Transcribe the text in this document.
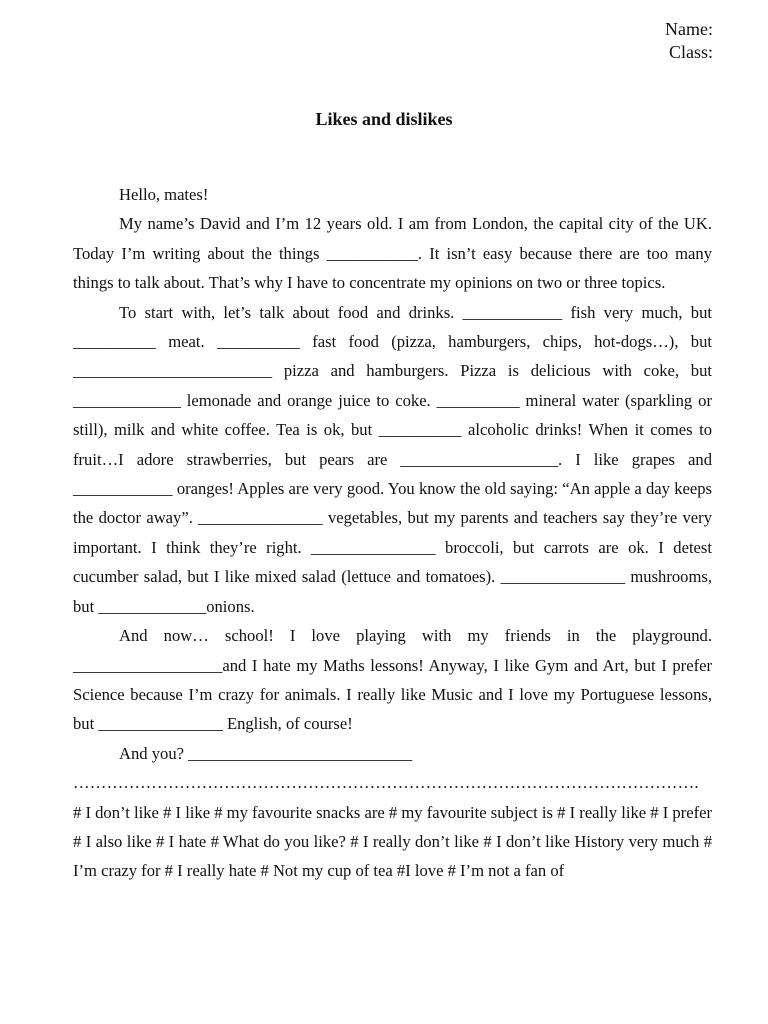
Name:
Class:
Likes and dislikes

Hello, mates!

My name’s David and I’m 12 years old. I am from London, the capital city of the UK. Today I’m writing about the things ___________. It isn’t easy because there are too many things to talk about. That’s why I have to concentrate my opinions on two or three topics.

To start with, let’s talk about food and drinks. ____________ fish very much, but __________ meat. __________ fast food (pizza, hamburgers, chips, hot-dogs…), but ________________________ pizza and hamburgers. Pizza is delicious with coke, but _____________ lemonade and orange juice to coke. __________ mineral water (sparkling or still), milk and white coffee. Tea is ok, but __________ alcoholic drinks! When it comes to fruit…I adore strawberries, but pears are ___________________. I like grapes and ____________ oranges! Apples are very good. You know the old saying: “An apple a day keeps the doctor away”. _______________ vegetables, but my parents and teachers say they’re very important. I think they’re right. _______________ broccoli, but carrots are ok. I detest cucumber salad, but I like mixed salad (lettuce and tomatoes). _______________ mushrooms, but _____________onions.

And now… school! I love playing with my friends in the playground. __________________and I hate my Maths lessons! Anyway, I like Gym and Art, but I prefer Science because I’m crazy for animals. I really like Music and I love my Portuguese lessons, but _______________ English, of course!

And you? ___________________________

………………………………………………………………………………………………….

# I don’t like # I like # my favourite snacks are # my favourite subject is # I really like # I prefer # I also like # I hate # What do you like? # I really don’t like # I don’t like History very much # I’m crazy for # I really hate # Not my cup of tea #I love # I’m not a fan of
